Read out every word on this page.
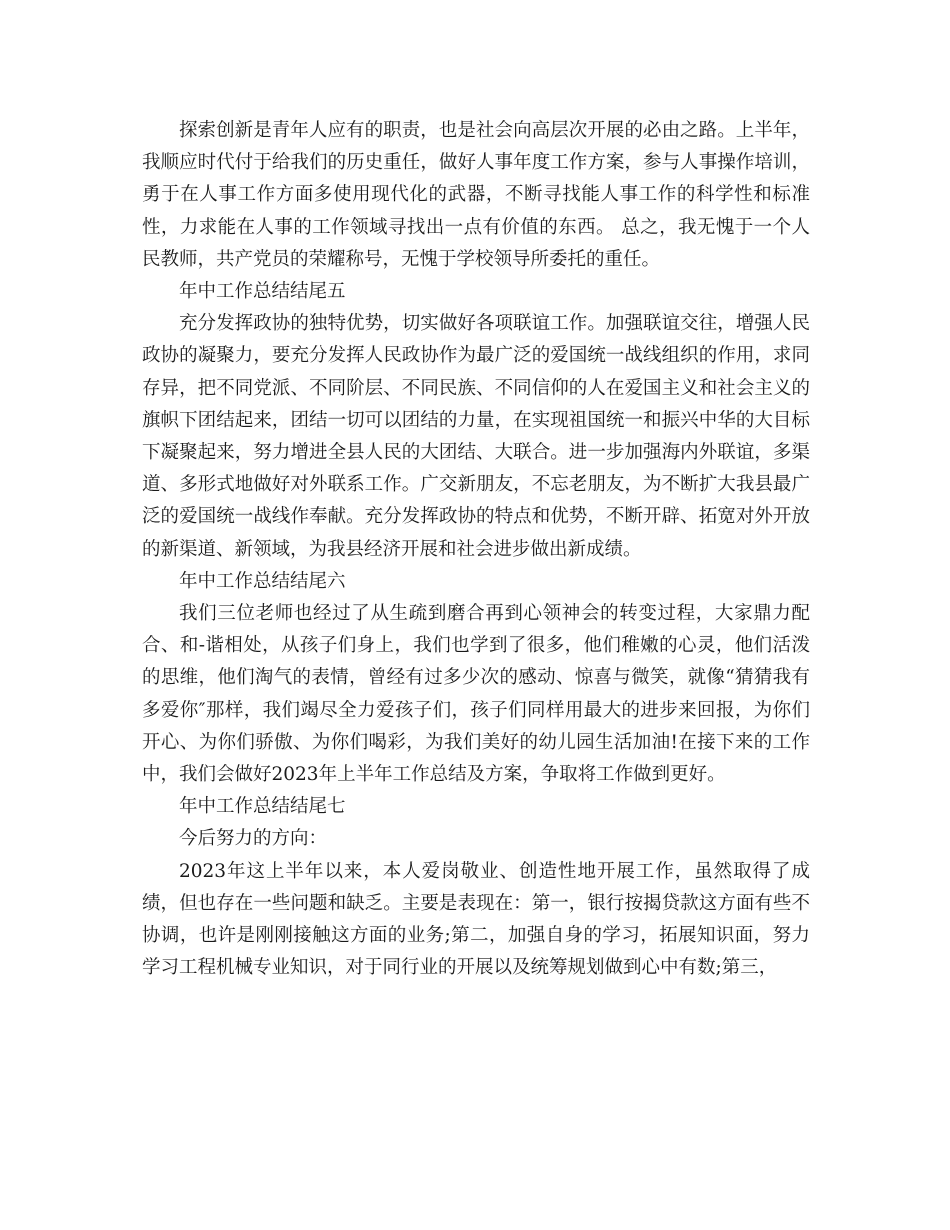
探索创新是青年人应有的职责，也是社会向高层次开展的必由之路。上半年，我顺应时代付于给我们的历史重任，做好人事年度工作方案，参与人事操作培训，勇于在人事工作方面多使用现代化的武器，不断寻找能人事工作的科学性和标准性，力求能在人事的工作领域寻找出一点有价值的东西。 总之，我无愧于一个人民教师，共产党员的荣耀称号，无愧于学校领导所委托的重任。

年中工作总结结尾五

充分发挥政协的独特优势，切实做好各项联谊工作。加强联谊交往，增强人民政协的凝聚力，要充分发挥人民政协作为最广泛的爱国统一战线组织的作用，求同存异，把不同党派、不同阶层、不同民族、不同信仰的人在爱国主义和社会主义的旗帜下团结起来，团结一切可以团结的力量，在实现祖国统一和振兴中华的大目标下凝聚起来，努力增进全县人民的大团结、大联合。进一步加强海内外联谊，多渠道、多形式地做好对外联系工作。广交新朋友，不忘老朋友，为不断扩大我县最广泛的爱国统一战线作奉献。充分发挥政协的特点和优势，不断开辟、拓宽对外开放的新渠道、新领域，为我县经济开展和社会进步做出新成绩。

年中工作总结结尾六

我们三位老师也经过了从生疏到磨合再到心领神会的转变过程，大家鼎力配合、和-谐相处，从孩子们身上，我们也学到了很多，他们稚嫩的心灵，他们活泼的思维，他们淘气的表情，曾经有过多少次的感动、惊喜与微笑，就像“猜猜我有多爱你″那样，我们竭尽全力爱孩子们，孩子们同样用最大的进步来回报，为你们开心、为你们骄傲、为你们喝彩，为我们美好的幼儿园生活加油!在接下来的工作中，我们会做好2023年上半年工作总结及方案，争取将工作做到更好。

年中工作总结结尾七

今后努力的方向：

2023年这上半年以来，本人爱岗敬业、创造性地开展工作，虽然取得了成绩，但也存在一些问题和缺乏。主要是表现在：第一，银行按揭贷款这方面有些不协调，也许是刚刚接触这方面的业务;第二，加强自身的学习，拓展知识面，努力学习工程机械专业知识，对于同行业的开展以及统筹规划做到心中有数;第三，
